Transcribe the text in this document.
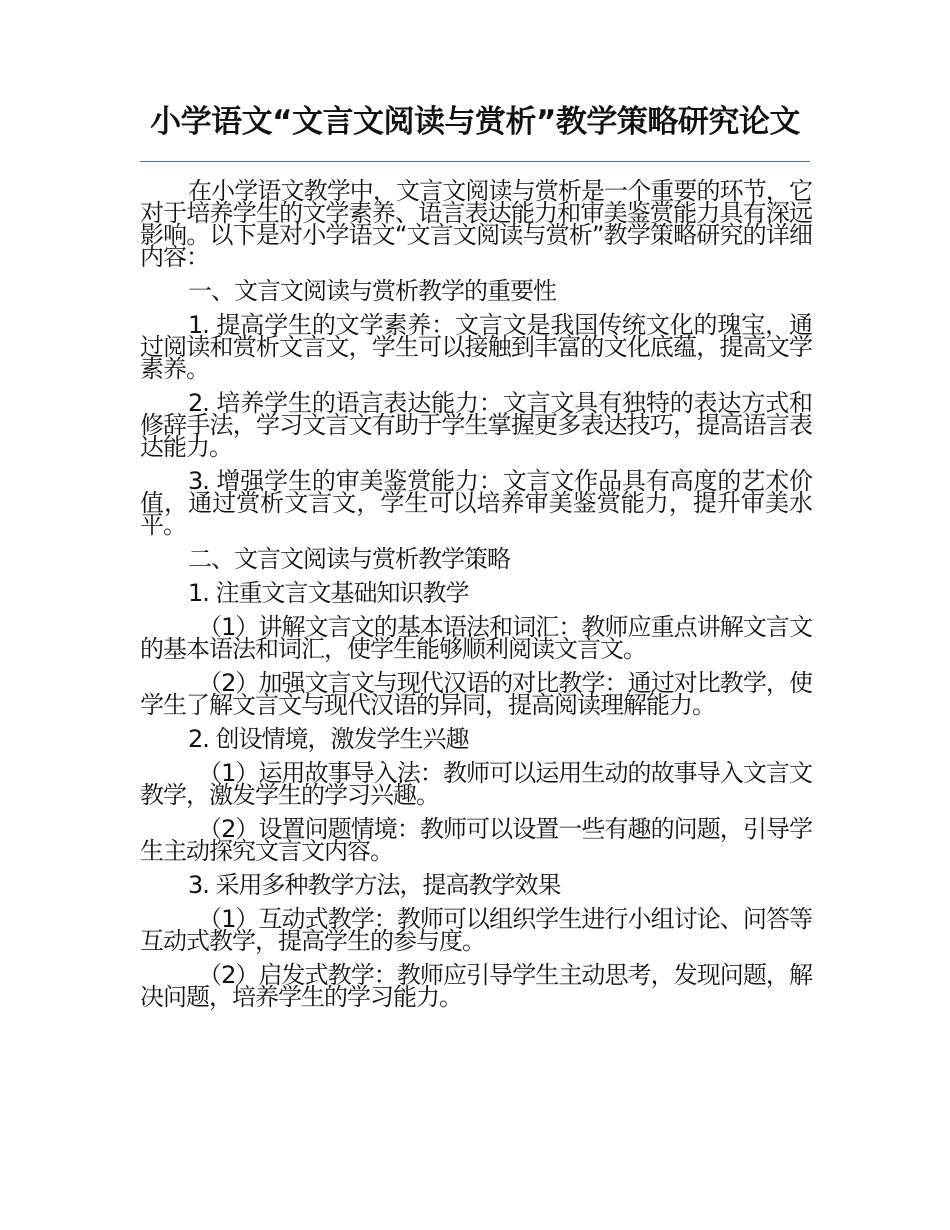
小学语文“文言文阅读与赏析”教学策略研究论文

在小学语文教学中，文言文阅读与赏析是一个重要的环节，它对于培养学生的文学素养、语言表达能力和审美鉴赏能力具有深远影响。以下是对小学语文“文言文阅读与赏析”教学策略研究的详细内容：

一、文言文阅读与赏析教学的重要性

1. 提高学生的文学素养：文言文是我国传统文化的瑰宝，通过阅读和赏析文言文，学生可以接触到丰富的文化底蕴，提高文学素养。

2. 培养学生的语言表达能力：文言文具有独特的表达方式和修辞手法，学习文言文有助于学生掌握更多表达技巧，提高语言表达能力。

3. 增强学生的审美鉴赏能力：文言文作品具有高度的艺术价值，通过赏析文言文，学生可以培养审美鉴赏能力，提升审美水平。

二、文言文阅读与赏析教学策略

1. 注重文言文基础知识教学

（1）讲解文言文的基本语法和词汇：教师应重点讲解文言文的基本语法和词汇，使学生能够顺利阅读文言文。

（2）加强文言文与现代汉语的对比教学：通过对比教学，使学生了解文言文与现代汉语的异同，提高阅读理解能力。

2. 创设情境，激发学生兴趣

（1）运用故事导入法：教师可以运用生动的故事导入文言文教学，激发学生的学习兴趣。

（2）设置问题情境：教师可以设置一些有趣的问题，引导学生主动探究文言文内容。

3. 采用多种教学方法，提高教学效果

（1）互动式教学：教师可以组织学生进行小组讨论、问答等互动式教学，提高学生的参与度。

（2）启发式教学：教师应引导学生主动思考，发现问题，解决问题，培养学生的学习能力。
